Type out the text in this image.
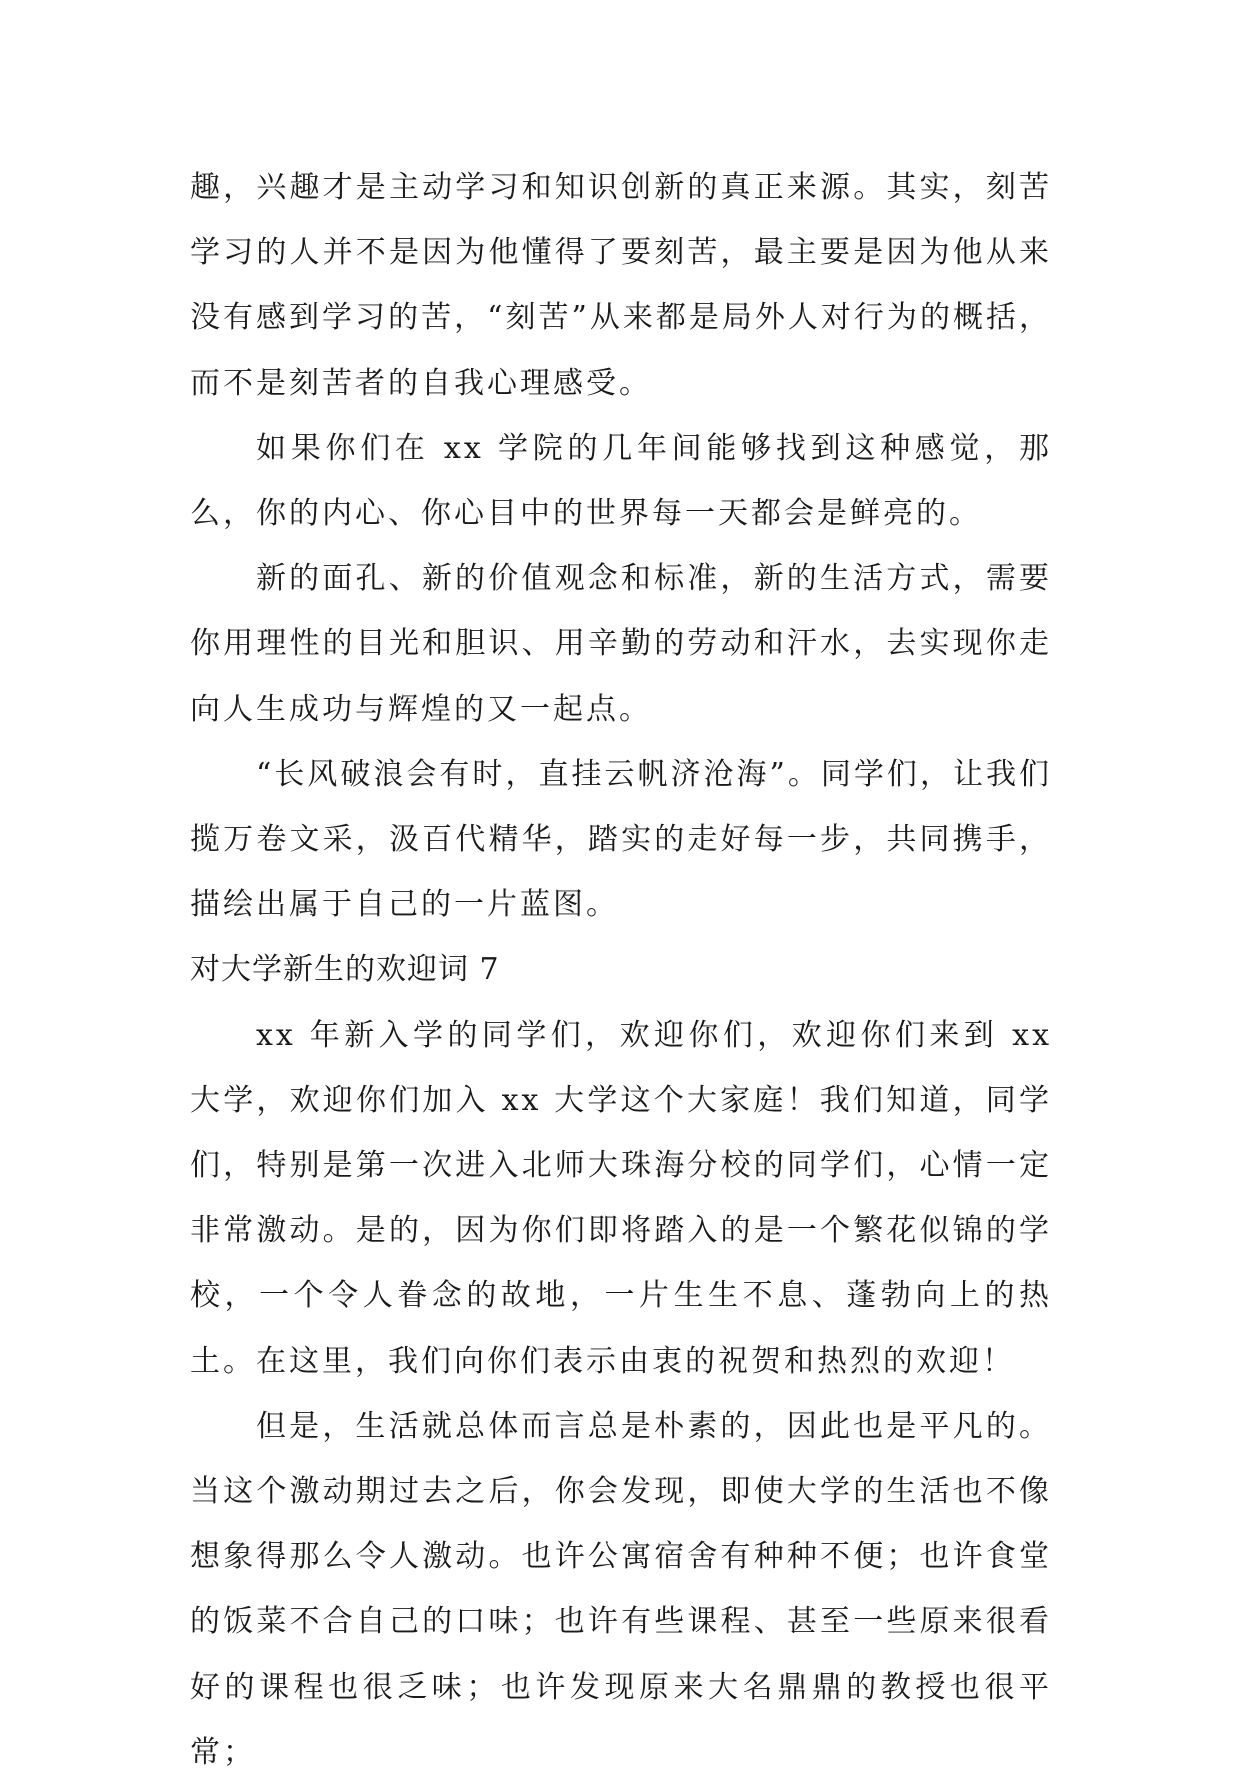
趣，兴趣才是主动学习和知识创新的真正来源。其实，刻苦学习的人并不是因为他懂得了要刻苦，最主要是因为他从来没有感到学习的苦，“刻苦”从来都是局外人对行为的概括，而不是刻苦者的自我心理感受。

如果你们在 xx 学院的几年间能够找到这种感觉，那么，你的内心、你心目中的世界每一天都会是鲜亮的。

新的面孔、新的价值观念和标准，新的生活方式，需要你用理性的目光和胆识、用辛勤的劳动和汗水，去实现你走向人生成功与辉煌的又一起点。

“长风破浪会有时，直挂云帆济沧海”。同学们，让我们揽万卷文采，汲百代精华，踏实的走好每一步，共同携手，描绘出属于自己的一片蓝图。

对大学新生的欢迎词 7

xx 年新入学的同学们，欢迎你们，欢迎你们来到 xx 大学，欢迎你们加入 xx 大学这个大家庭！我们知道，同学们，特别是第一次进入北师大珠海分校的同学们，心情一定非常激动。是的，因为你们即将踏入的是一个繁花似锦的学校，一个令人眷念的故地，一片生生不息、蓬勃向上的热土。在这里，我们向你们表示由衷的祝贺和热烈的欢迎！

但是，生活就总体而言总是朴素的，因此也是平凡的。当这个激动期过去之后，你会发现，即使大学的生活也不像想象得那么令人激动。也许公寓宿舍有种种不便；也许食堂的饭菜不合自己的口味；也许有些课程、甚至一些原来很看好的课程也很乏味；也许发现原来大名鼎鼎的教授也很平常；
